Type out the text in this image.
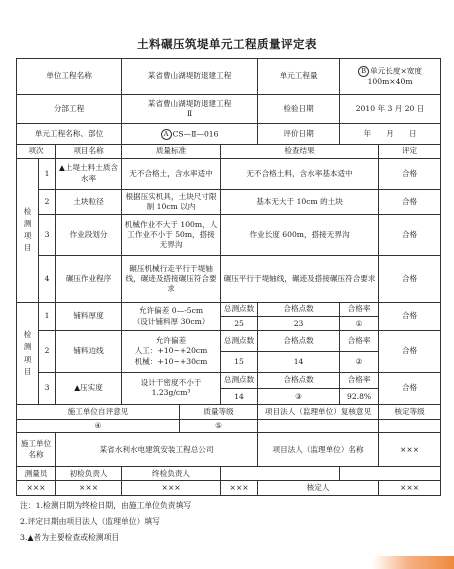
土料碾压筑堤单元工程质量评定表
单位工程名称			某省曹山湖堤防退建工程			单元工程量	B 单元长度×宽度
100m×40m	
分部工程			某省曹山湖堤防退建工程
Ⅱ			检验日期	2010 年 3 月 20 日	
单元工程名称、部位			A CS—Ⅱ—016			评价日期	年　　月　　日	
项次		项目名称	质量标准		检查结果			评定
检测项目	1	▲上堤土料土质含水率	无不合格土，含水率适中		无不合格土料，含水率基本适中			合格
	2	土块粒径	根据压实机具，土块尺寸限制 10cm 以内		基本无大于 10cm 的土块			合格
	3	作业段划分	机械作业不大于 100m，人工作业不小于 50m，搭接无界沟		作业长度 600m，搭接无界沟			合格
	4	碾压作业程序	碾压机械行走平行于堤轴线，碾迹及搭接碾压符合要求		碾压平行于堤轴线，碾迹及搭接碾压符合要求			合格
检测项目	1	铺料厚度	允许偏差 0—-5cm
（设计铺料厚 30cm）		总测点数	合格点数	合格率	合格
					25	23	①	
	2	铺料边线	允许偏差
人工：+10~+20cm
机械：+10~+30cm		总测点数	合格点数	合格率	合格
					15	14	②	
	3	▲压实度	设计干密度不小于
1.23g/cm³		总测点数	合格点数	合格率	合格
					14	③	92.8%	
施工单位自评意见				质量等级		项目法人（监理单位）复核意见		核定等级
④				⑤				
施工单位名称		某省水利水电建筑安装工程总公司				项目法人（监理单位）名称		×××
测量员		初检负责人	终检负责人					
×××		×××	×××		×××	核定人		×××
注：1.检测日期为终检日期，由施工单位负责填写
2.评定日期由项目法人（监理单位）填写
3.▲者为主要检查或检测项目
